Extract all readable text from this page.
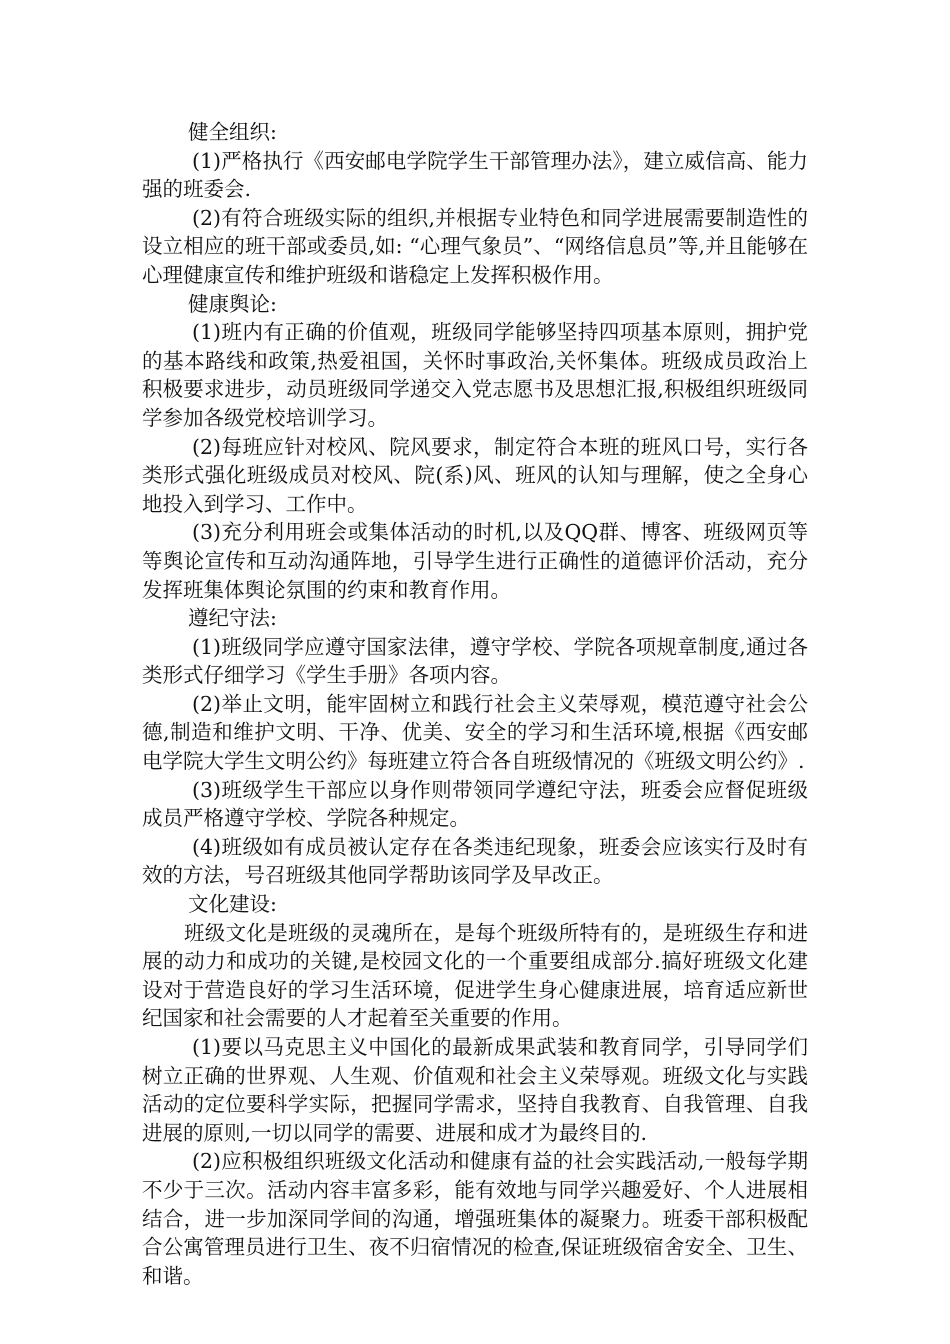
健全组织:

(1)严格执行《西安邮电学院学生干部管理办法》，建立威信高、能力强的班委会.

(2)有符合班级实际的组织,并根据专业特色和同学进展需要制造性的设立相应的班干部或委员,如: “心理气象员”、“网络信息员”等,并且能够在心理健康宣传和维护班级和谐稳定上发挥积极作用。

健康舆论:

(1)班内有正确的价值观，班级同学能够坚持四项基本原则，拥护党的基本路线和政策,热爱祖国，关怀时事政治,关怀集体。班级成员政治上积极要求进步，动员班级同学递交入党志愿书及思想汇报,积极组织班级同学参加各级党校培训学习。

(2)每班应针对校风、院风要求，制定符合本班的班风口号，实行各类形式强化班级成员对校风、院(系)风、班风的认知与理解，使之全身心地投入到学习、工作中。

(3)充分利用班会或集体活动的时机,以及QQ群、博客、班级网页等等舆论宣传和互动沟通阵地，引导学生进行正确性的道德评价活动，充分发挥班集体舆论氛围的约束和教育作用。

遵纪守法:

(1)班级同学应遵守国家法律，遵守学校、学院各项规章制度,通过各类形式仔细学习《学生手册》各项内容。

(2)举止文明，能牢固树立和践行社会主义荣辱观，模范遵守社会公德,制造和维护文明、干净、优美、安全的学习和生活环境,根据《西安邮电学院大学生文明公约》每班建立符合各自班级情况的《班级文明公约》.

(3)班级学生干部应以身作则带领同学遵纪守法，班委会应督促班级成员严格遵守学校、学院各种规定。

(4)班级如有成员被认定存在各类违纪现象，班委会应该实行及时有效的方法，号召班级其他同学帮助该同学及早改正。

文化建设:

班级文化是班级的灵魂所在，是每个班级所特有的，是班级生存和进展的动力和成功的关键,是校园文化的一个重要组成部分.搞好班级文化建设对于营造良好的学习生活环境，促进学生身心健康进展，培育适应新世纪国家和社会需要的人才起着至关重要的作用。

(1)要以马克思主义中国化的最新成果武装和教育同学，引导同学们树立正确的世界观、人生观、价值观和社会主义荣辱观。班级文化与实践活动的定位要科学实际，把握同学需求，坚持自我教育、自我管理、自我进展的原则,一切以同学的需要、进展和成才为最终目的.

(2)应积极组织班级文化活动和健康有益的社会实践活动,一般每学期不少于三次。活动内容丰富多彩，能有效地与同学兴趣爱好、个人进展相结合，进一步加深同学间的沟通，增强班集体的凝聚力。班委干部积极配合公寓管理员进行卫生、夜不归宿情况的检查,保证班级宿舍安全、卫生、和谐。
